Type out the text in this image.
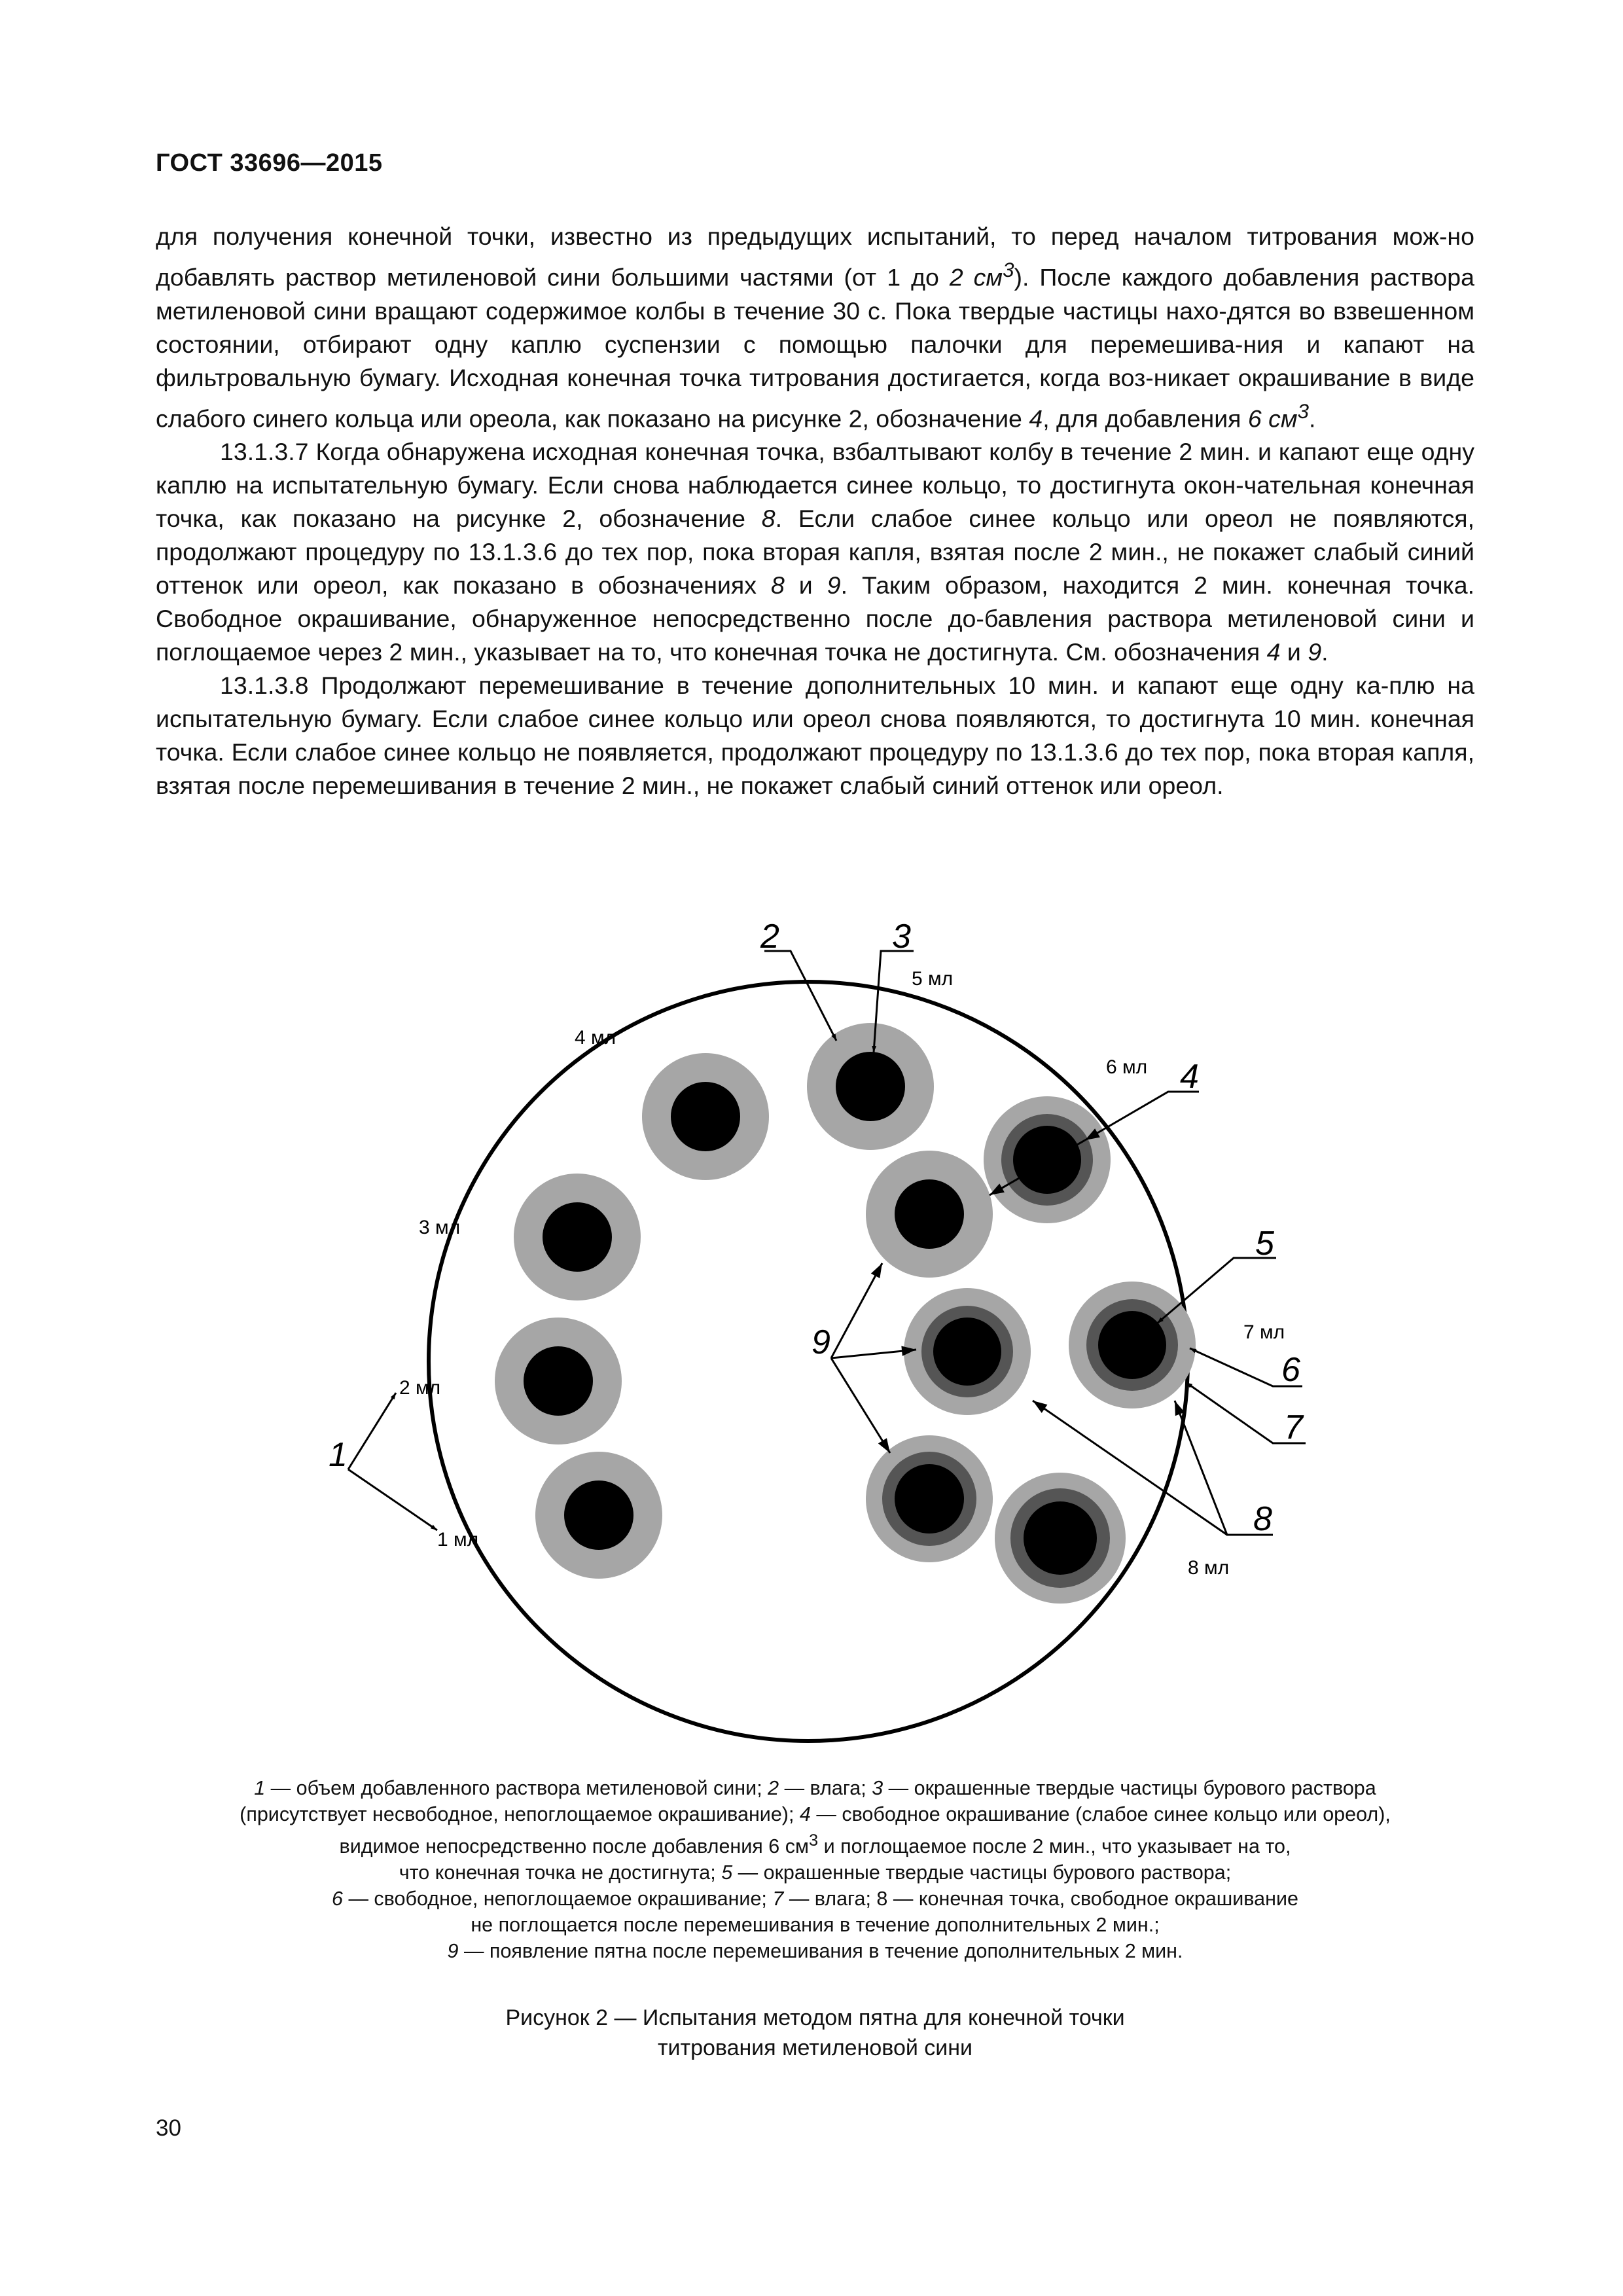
ГОСТ 33696—2015

для получения конечной точки, известно из предыдущих испытаний, то перед началом титрования мож-но добавлять раствор метиленовой сини большими частями (от 1 до 2 $см^3$). После каждого добавления раствора метиленовой сини вращают содержимое колбы в течение 30 с. Пока твердые частицы нахо-дятся во взвешенном состоянии, отбирают одну каплю суспензии с помощью палочки для перемешива-ния и капают на фильтровальную бумагу. Исходная конечная точка титрования достигается, когда воз-никает окрашивание в виде слабого синего кольца или ореола, как показано на рисунке 2, обозначение 4, для добавления 6 $см^3$.

13.1.3.7 Когда обнаружена исходная конечная точка, взбалтывают колбу в течение 2 мин. и капают еще одну каплю на испытательную бумагу. Если снова наблюдается синее кольцо, то достигнута окон-чательная конечная точка, как показано на рисунке 2, обозначение 8. Если слабое синее кольцо или ореол не появляются, продолжают процедуру по 13.1.3.6 до тех пор, пока вторая капля, взятая после 2 мин., не покажет слабый синий оттенок или ореол, как показано в обозначениях 8 и 9. Таким образом, находится 2 мин. конечная точка. Свободное окрашивание, обнаруженное непосредственно после до-бавления раствора метиленовой сини и поглощаемое через 2 мин., указывает на то, что конечная точка не достигнута. См. обозначения 4 и 9.

13.1.3.8 Продолжают перемешивание в течение дополнительных 10 мин. и капают еще одну ка-плю на испытательную бумагу. Если слабое синее кольцо или ореол снова появляются, то достигнута 10 мин. конечная точка. Если слабое синее кольцо не появляется, продолжают процедуру по 13.1.3.6 до тех пор, пока вторая капля, взятая после перемешивания в течение 2 мин., не покажет слабый синий оттенок или ореол.

1 мл
2 мл
3 мл
4 мл
5 мл
6 мл
7 мл
8 мл
1
2	3
4
5
6
7
8
9
1 — объем добавленного раствора метиленовой сини; 2 — влага; 3 — окрашенные твердые частицы бурового раствора
(присутствует несвободное, непоглощаемое окрашивание); 4 — свободное окрашивание (слабое синее кольцо или ореол),
видимое непосредственно после добавления 6 $см^3$ и поглощаемое после 2 мин., что указывает на то,
что конечная точка не достигнута; 5 — окрашенные твердые частицы бурового раствора;
6 — свободное, непоглощаемое окрашивание; 7 — влага; 8 — конечная точка, свободное окрашивание
не поглощается после перемешивания в течение дополнительных 2 мин.;
9 — появление пятна после перемешивания в течение дополнительных 2 мин.
Рисунок 2 — Испытания методом пятна для конечной точки
титрования метиленовой сини
30
